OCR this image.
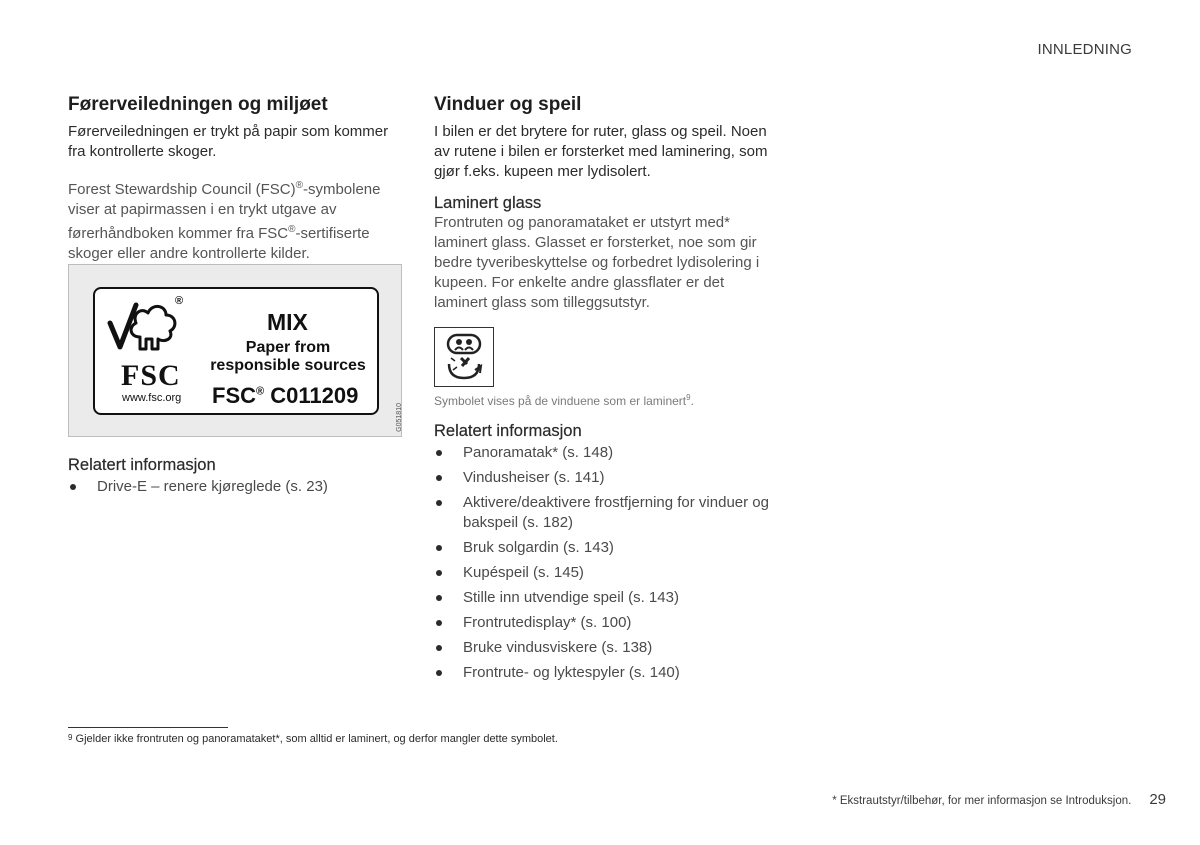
INNLEDNING
Førerveiledningen og miljøet

Førerveiledningen er trykt på papir som kommer fra kontrollerte skoger.

Forest Stewardship Council (FSC)®-symbolene viser at papirmassen i en trykt utgave av førerhåndboken kommer fra FSC®-sertifiserte skoger eller andre kontrollerte kilder.

®
FSC
www.fsc.org
MIX
Paper from
responsible sources
FSC® C011209
G051810
Relatert informasjon
Drive-E – renere kjøreglede (s. 23)
Vinduer og speil

I bilen er det brytere for ruter, glass og speil. Noen av rutene i bilen er forsterket med laminering, som gjør f.eks. kupeen mer lydisolert.

Laminert glass

Frontruten og panoramataket er utstyrt med* laminert glass. Glasset er forsterket, noe som gir bedre tyveribeskyttelse og forbedret lydisolering i kupeen. For enkelte andre glassflater er det laminert glass som tilleggsutstyr.

Symbolet vises på de vinduene som er laminert$^9$.

Relatert informasjon
Panoramatak* (s. 148)
Vindusheiser (s. 141)
Aktivere/deaktivere frostfjerning for vinduer og bakspeil (s. 182)
Bruk solgardin (s. 143)
Kupéspeil (s. 145)
Stille inn utvendige speil (s. 143)
Frontrutedisplay* (s. 100)
Bruke vindusviskere (s. 138)
Frontrute- og lyktespyler (s. 140)
$^9$ Gjelder ikke frontruten og panoramataket*, som alltid er laminert, og derfor mangler dette symbolet.
* Ekstrautstyr/tilbehør, for mer informasjon se Introduksjon. 29
